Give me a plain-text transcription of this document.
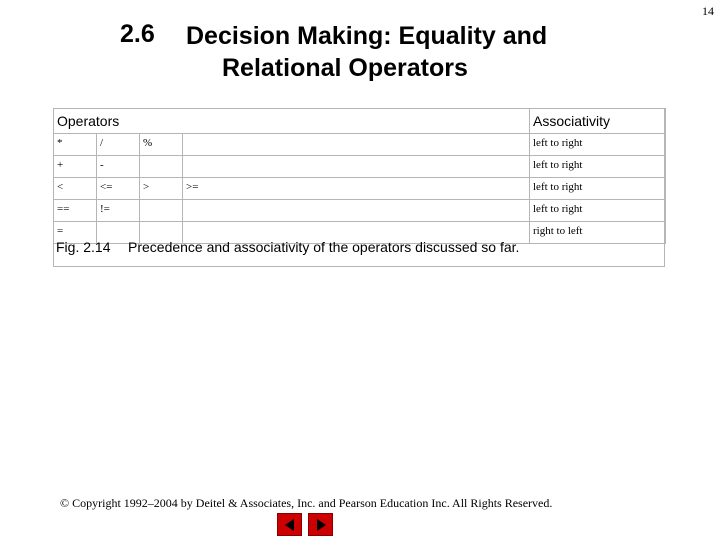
14
2.6 Decision Making: Equality and
Relational Operators
Operators				Associativity
*	/	%		left to right
+	-			left to right
<	<=	>	>=	left to right
==	!=			left to right
=				right to left
Fig. 2.14 Precedence and associativity of the operators discussed so far.
© Copyright 1992–2004 by Deitel & Associates, Inc. and Pearson Education Inc. All Rights Reserved.
